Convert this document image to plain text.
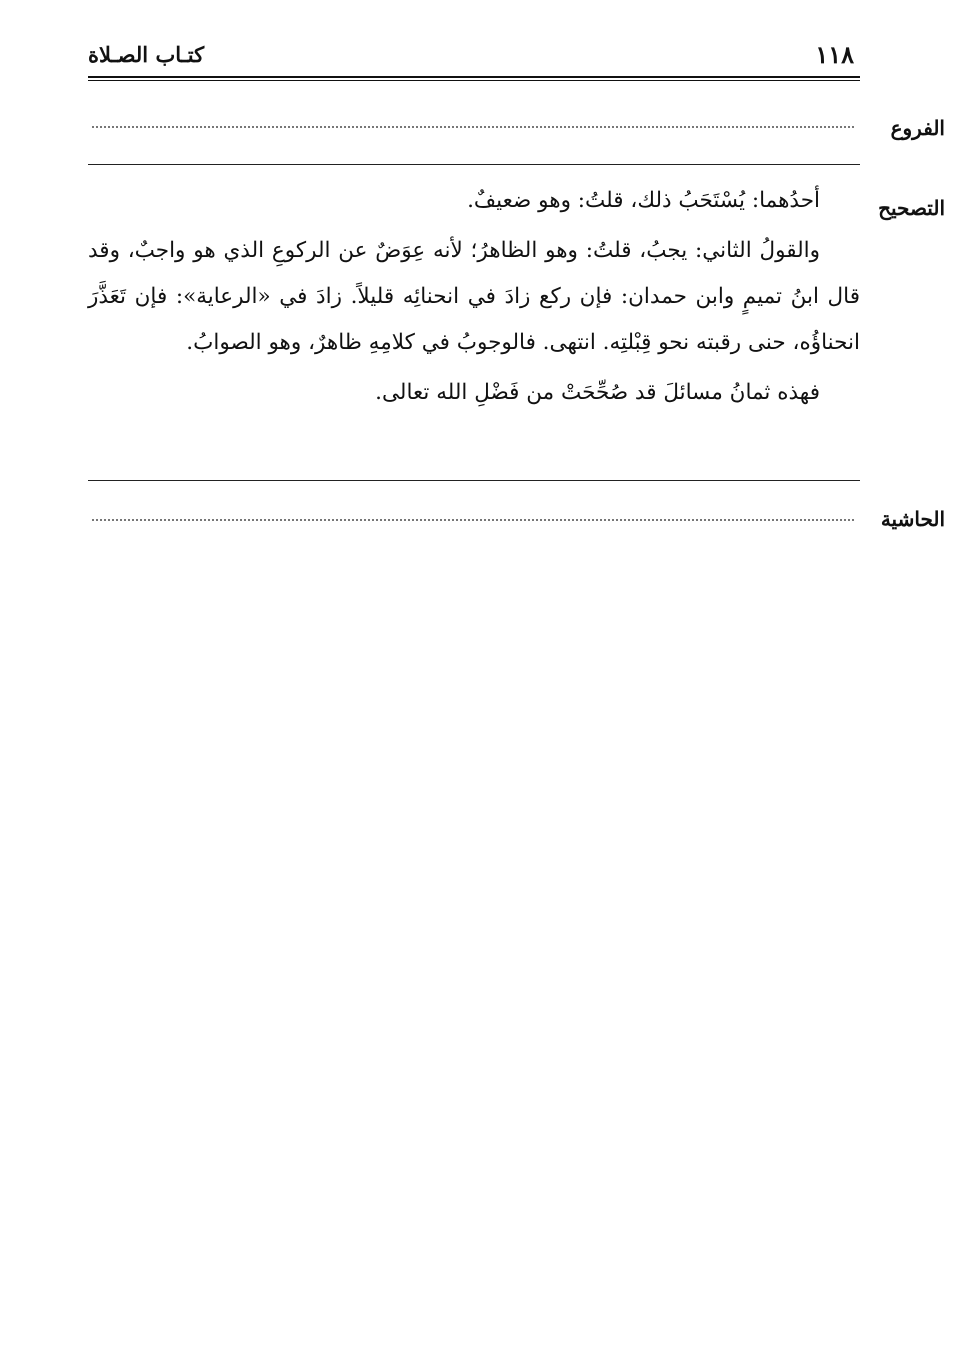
كتـاب الصـلاة	١١٨
الفروع
التصحيح

أحدُهما: يُسْتَحَبُ ذلك، قلتُ: وهو ضعيفٌ.

والقولُ الثاني: يجبُ، قلتُ: وهو الظاهرُ؛ لأنه عِوَضٌ عن الركوعِ الذي هو واجبٌ، وقد قال ابنُ تميمٍ وابن حمدان: فإن ركع زادَ في انحنائِه قليلاً. زادَ في «الرعاية»: فإن تَعَذَّرَ انحناؤُه، حنى رقبته نحو قِبْلتِه. انتهى. فالوجوبُ في كلامِهِ ظاهرٌ، وهو الصوابُ.

فهذه ثمانُ مسائلَ قد صُحِّحَتْ من فَضْلِ الله تعالى.

الحاشية
